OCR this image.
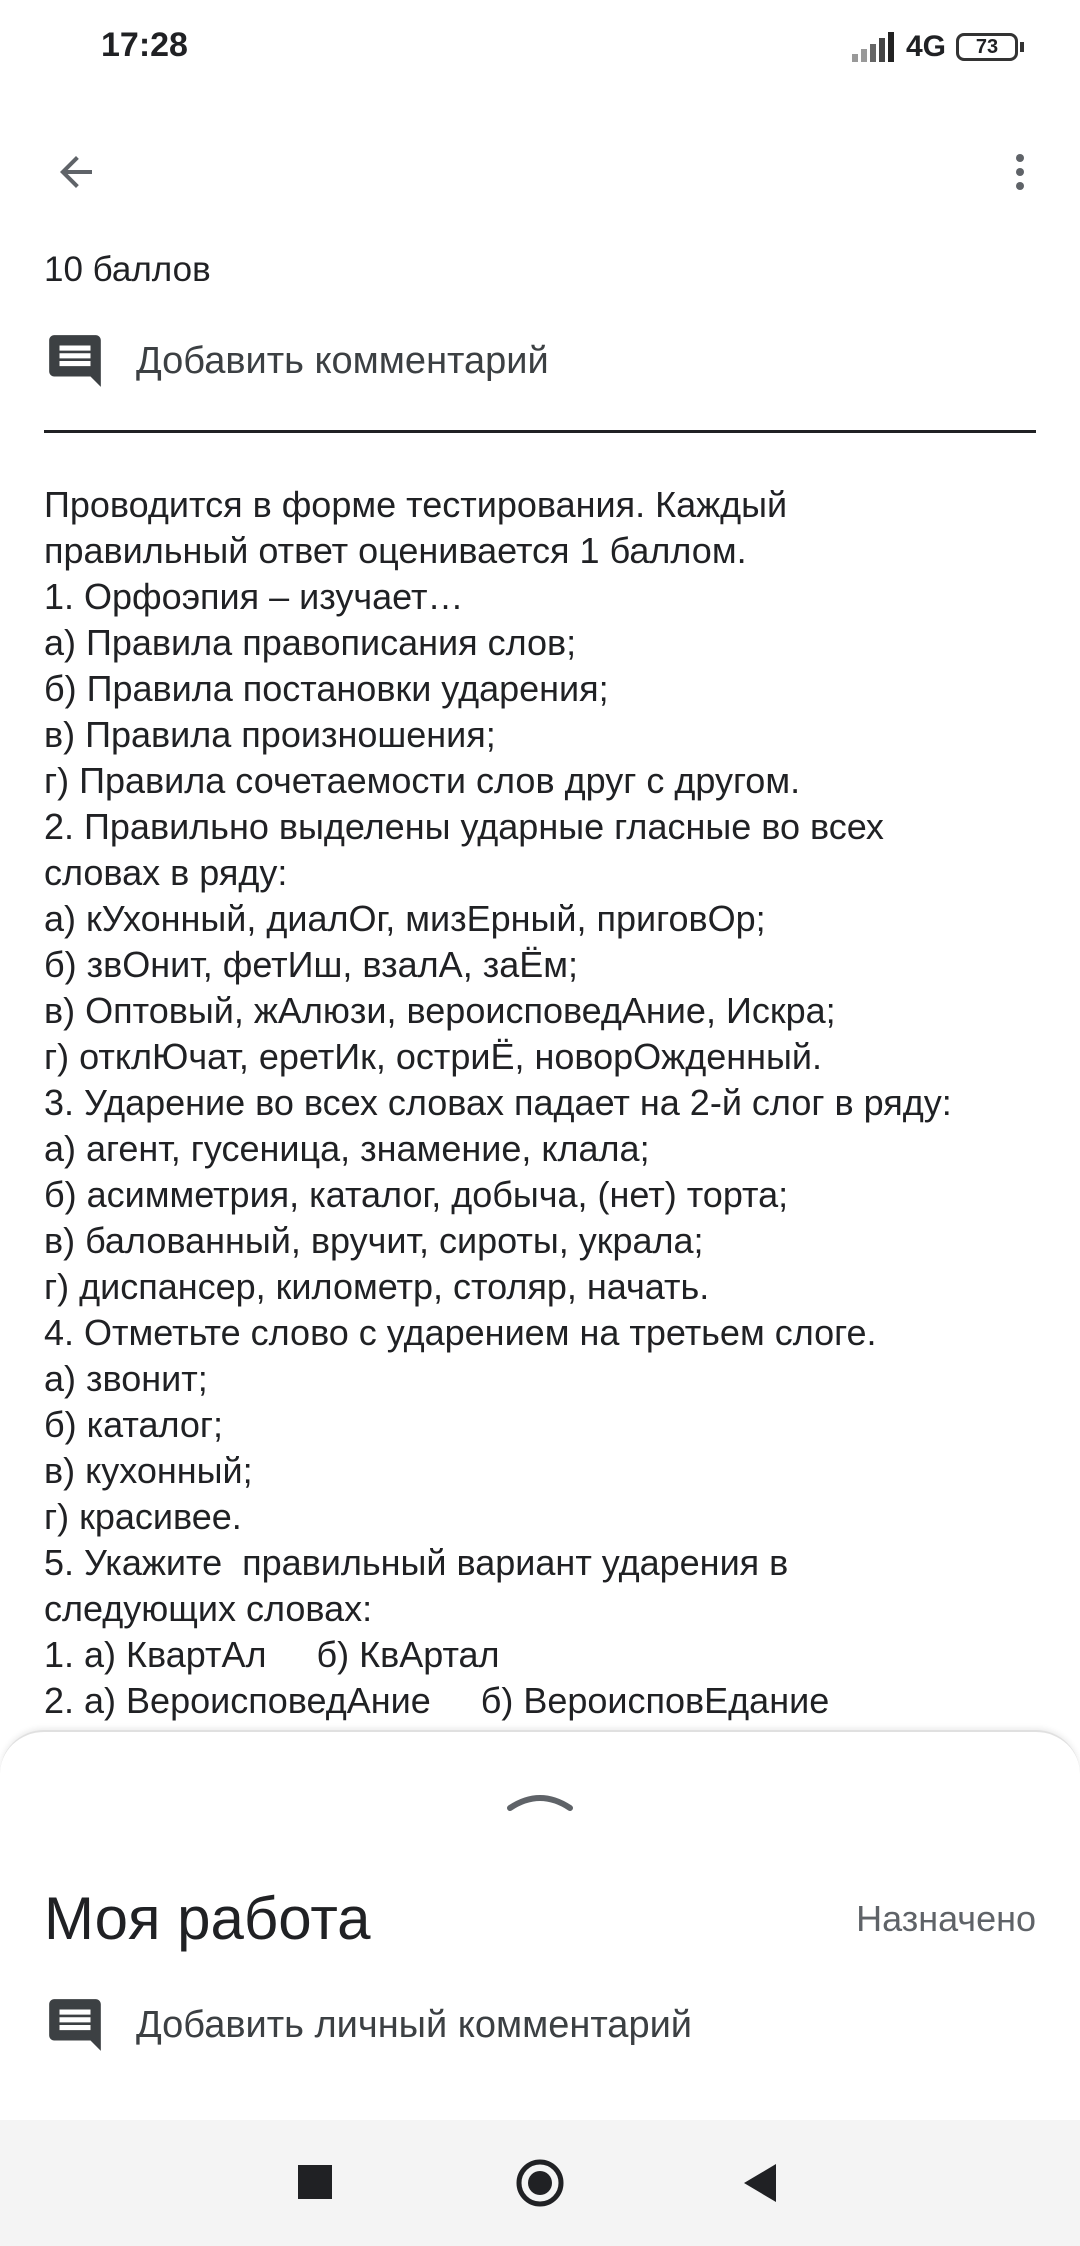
17:28	4G	73
10 баллов
Добавить комментарий
Проводится в форме тестирования. Каждый
правильный ответ оценивается 1 баллом.
1. Орфоэпия – изучает…
а) Правила правописания слов;
б) Правила постановки ударения;
в) Правила произношения;
г) Правила сочетаемости слов друг с другом.
2. Правильно выделены ударные гласные во всех
словах в ряду:
а) кУхонный, диалОг, мизЕрный, приговОр;
б) звОнит, фетИш, взалА, заЁм;
в) Оптовый, жАлюзи, вероисповедАние, Искра;
г) отклЮчат, еретИк, остриЁ, новорОжденный.
3. Ударение во всех словах падает на 2-й слог в ряду:
а) агент, гусеница, знамение, клала;
б) асимметрия, каталог, добыча, (нет) торта;
в) балованный, вручит, сироты, украла;
г) диспансер, километр, столяр, начать.
4. Отметьте слово с ударением на третьем слоге.
а) звонит;
б) каталог;
в) кухонный;
г) красивее.
5. Укажите  правильный вариант ударения в
следующих словах:
1. а) КвартАл     б) КвАртал
2. а) ВероисповедАние     б) ВероисповЕдание
Моя работа	Назначено
Добавить личный комментарий
